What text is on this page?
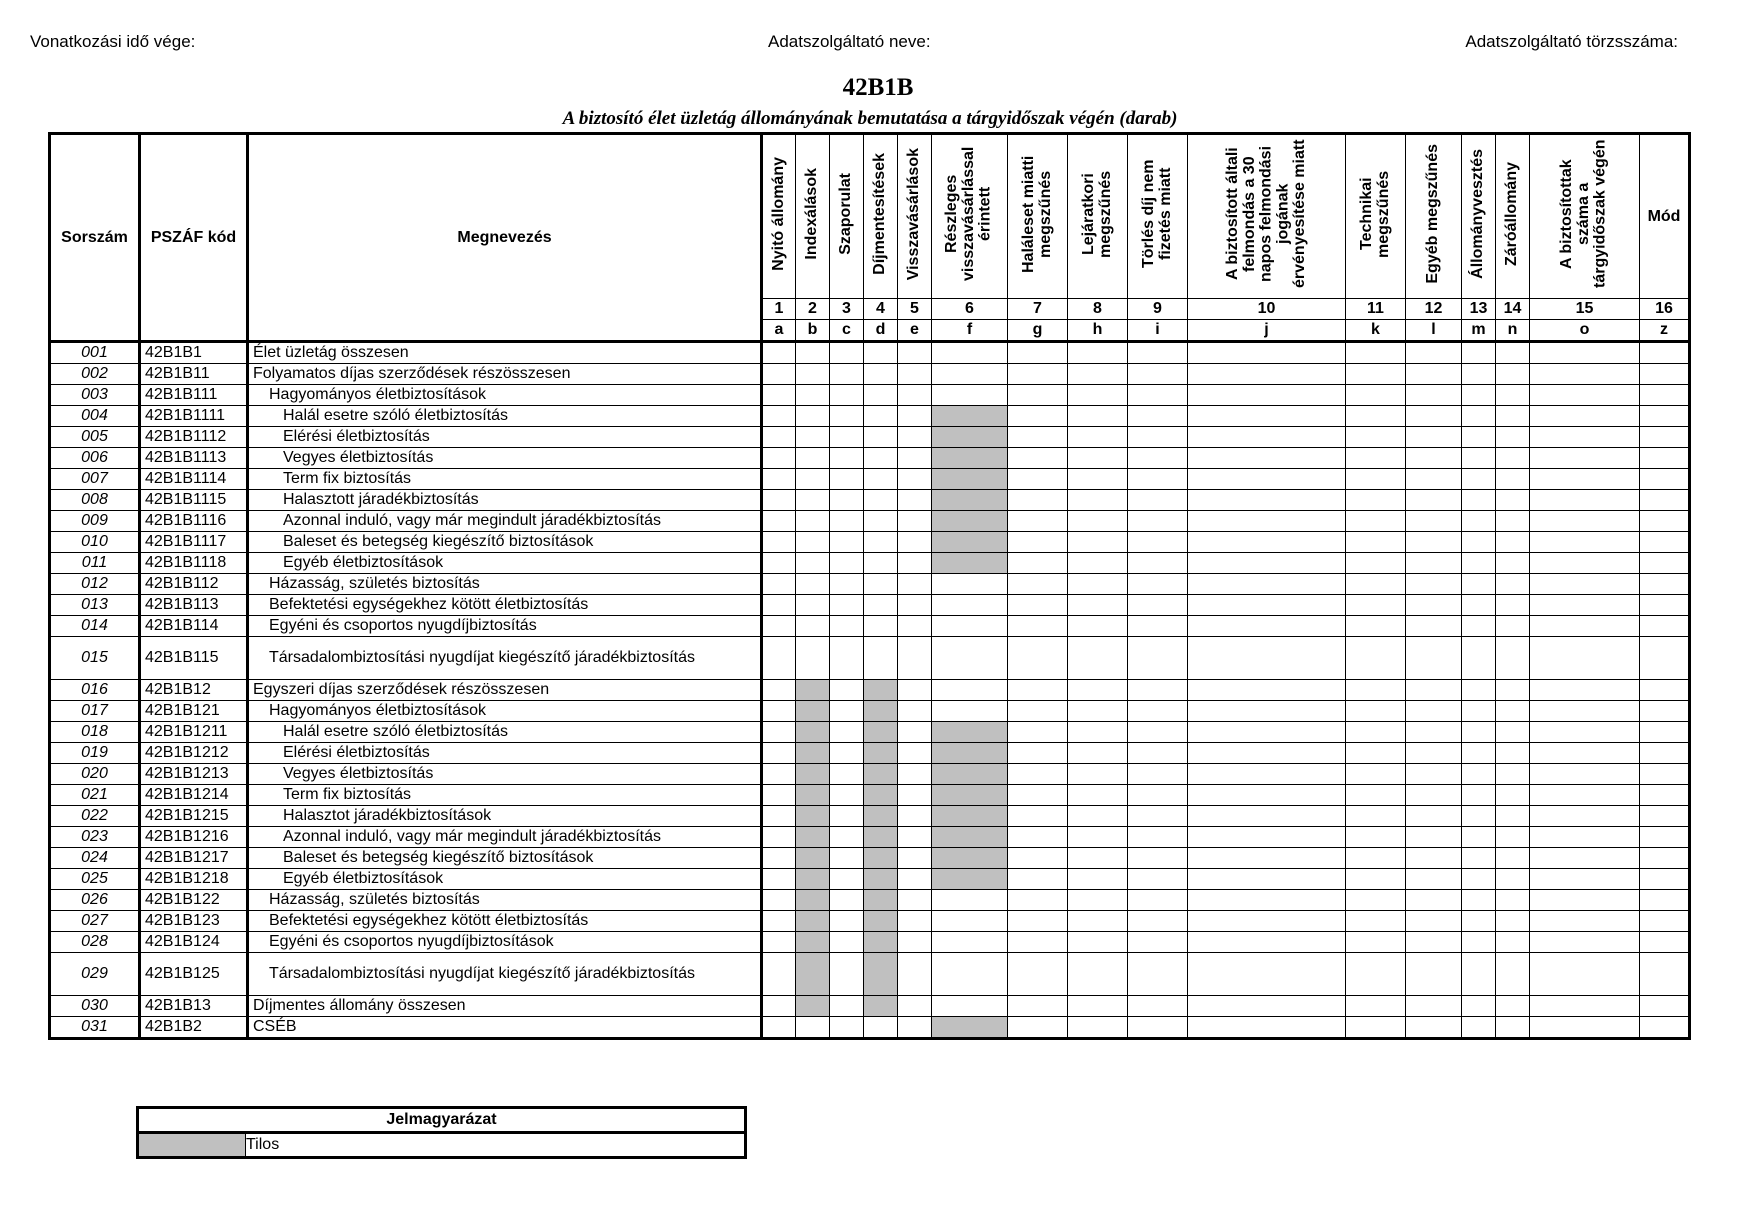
Vonatkozási idő vége:	Adatszolgáltató neve:	Adatszolgáltató törzsszáma:
42B1B
A biztosító élet üzletág állományának bemutatása a tárgyidőszak végén (darab)
Sorszám	PSZÁF kód	Megnevezés	Nyitó állomány	Indexálások	Szaporulat	Díjmentesítések	Visszavásárlások	Részleges visszavásárlással érintett	Haláleset miatti megszűnés	Lejáratkori megszűnés	Törlés díj nem fizetés miatt	A biztosított általi felmondás a 30 napos felmondási jogának érvényesítése miatt	Technikai megszűnés	Egyéb megszűnés	Állományvesztés	Záróállomány	A biztosítottak száma a tárgyidőszak végén	Mód
			1	2	3	4	5	6	7	8	9	10	11	12	13	14	15	16
			a	b	c	d	e	f	g	h	i	j	k	l	m	n	o	z
001	42B1B1	Élet üzletág összesen																
002	42B1B11	Folyamatos díjas szerződések részösszesen																
003	42B1B111	Hagyományos életbiztosítások																
004	42B1B1111	Halál esetre szóló életbiztosítás																
005	42B1B1112	Elérési életbiztosítás																
006	42B1B1113	Vegyes életbiztosítás																
007	42B1B1114	Term fix biztosítás																
008	42B1B1115	Halasztott járadékbiztosítás																
009	42B1B1116	Azonnal induló, vagy már megindult járadékbiztosítás																
010	42B1B1117	Baleset és betegség kiegészítő biztosítások																
011	42B1B1118	Egyéb életbiztosítások																
012	42B1B112	Házasság, születés biztosítás																
013	42B1B113	Befektetési egységekhez kötött életbiztosítás																
014	42B1B114	Egyéni és csoportos nyugdíjbiztosítás																
015	42B1B115	Társadalombiztosítási nyugdíjat kiegészítő járadékbiztosítás																
016	42B1B12	Egyszeri díjas szerződések részösszesen																
017	42B1B121	Hagyományos életbiztosítások																
018	42B1B1211	Halál esetre szóló életbiztosítás																
019	42B1B1212	Elérési életbiztosítás																
020	42B1B1213	Vegyes életbiztosítás																
021	42B1B1214	Term fix biztosítás																
022	42B1B1215	Halasztot járadékbiztosítások																
023	42B1B1216	Azonnal induló, vagy már megindult járadékbiztosítás																
024	42B1B1217	Baleset és betegség kiegészítő biztosítások																
025	42B1B1218	Egyéb életbiztosítások																
026	42B1B122	Házasság, születés biztosítás																
027	42B1B123	Befektetési egységekhez kötött életbiztosítás																
028	42B1B124	Egyéni és csoportos nyugdíjbiztosítások																
029	42B1B125	Társadalombiztosítási nyugdíjat kiegészítő járadékbiztosítás																
030	42B1B13	Díjmentes állomány összesen																
031	42B1B2	CSÉB																
Jelmagyarázat
	Tilos
